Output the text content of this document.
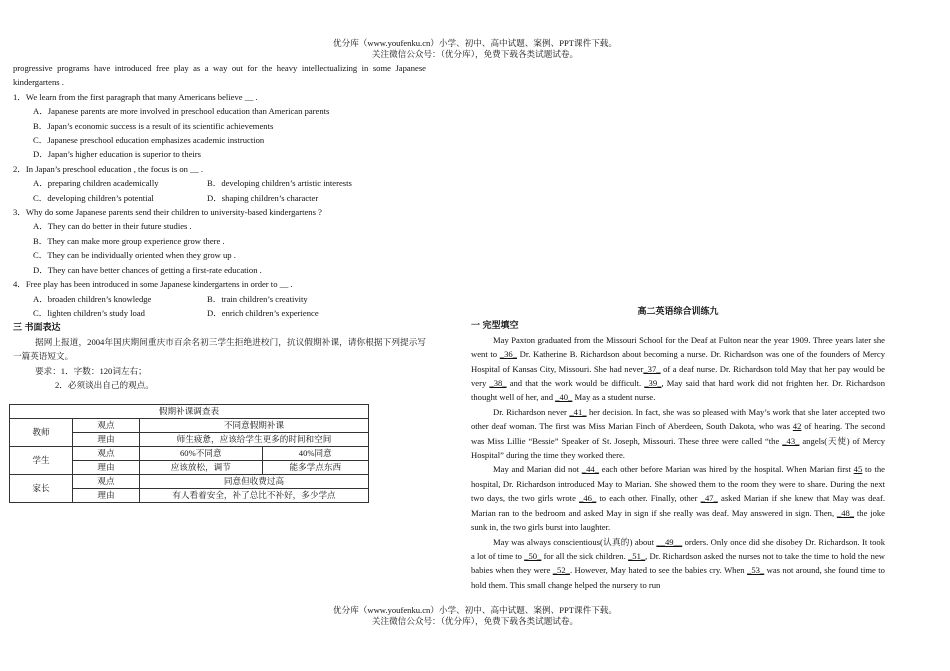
优分库（www.youfenku.cn）小学、初中、高中试题、案例、PPT课件下载。
关注微信公众号：（优分库），免费下载各类试题试卷。

progressive programs have introduced free play as a way out for the heavy intellectualizing in some Japanese kindergartens .

1．We learn from the first paragraph that many Americans believe __ .

A．Japanese parents are more involved in preschool education than American parents
B．Japan’s economic success is a result of its scientific achievements
C．Japanese preschool education emphasizes academic instruction
D．Japan’s higher education is superior to theirs

2．In Japan’s preschool education , the focus is on __ .

A．preparing children academically	B．developing children’s artistic interests
C．developing children’s potential	D．shaping children’s character

3．Why do some Japanese parents send their children to university-based kindergartens ?

A．They can do better in their future studies .
B．They can make more group experience grow there .
C．They can be individually oriented when they grow up .
D．They can have better chances of getting a first-rate education .

4．Free play has been introduced in some Japanese kindergartens in order to __ .

A．broaden children’s knowledge	B．train children’s creativity
C．lighten children’s study load	D．enrich children’s experience
三 书面表达

据网上报道，2004年国庆期间重庆市百余名初三学生拒绝进校门，抗议假期补课，请你根据下列提示写一篇英语短文。

要求：1．字数：120词左右；
2．必须谈出自己的观点。
假期补课调查表			
教师	观点	不同意假期补课	
	理由	师生疲惫，应该给学生更多的时间和空间	
学生	观点	60%不同意	40%同意
	理由	应该放松，调节	能多学点东西
家长	观点	同意但收费过高	
	理由	有人看着安全，补了总比不补好，多少学点	
高二英语综合训练九
一 完型填空

May Paxton graduated from the Missouri School for the Deaf at Fulton near the year 1909. Three years later she went to _36_ Dr. Katherine B. Richardson about becoming a nurse. Dr. Richardson was one of the founders of Mercy Hospital of Kansas City, Missouri. She had never_37_ of a deaf nurse. Dr. Richardson told May that her pay would be very _38_ and that the work would be difficult. _39_, May said that hard work did not frighten her. Dr. Richardson thought well of her, and _40_ May as a student nurse.

Dr. Richardson never _41_ her decision. In fact, she was so pleased with May’s work that she later accepted two other deaf woman. The first was Miss Marian Finch of Aberdeen, South Dakota, who was 42 of hearing. The second was Miss Lillie “Bessie” Speaker of St. Joseph, Missouri. These three were called “the _43_ angels(天使) of Mercy Hospital” during the time they worked there.

May and Marian did not _44_ each other before Marian was hired by the hospital. When Marian first 45 to the hospital, Dr. Richardson introduced May to Marian. She showed them to the room they were to share. During the next two days, the two girls wrote _46_ to each other. Finally, other _47_ asked Marian if she knew that May was deaf. Marian ran to the bedroom and asked May in sign if she really was deaf. May answered in sign. Then, _48_ the joke sunk in, the two girls burst into laughter.

May was always conscientious(认真的) about __49__ orders. Only once did she disobey Dr. Richardson. It took a lot of time to _50_ for all the sick children. _51_, Dr. Richardson asked the nurses not to take the time to hold the new babies when they were _52_. However, May hated to see the babies cry. When _53_ was not around, she found time to hold them. This small change helped the nursery to run

优分库（www.youfenku.cn）小学、初中、高中试题、案例、PPT课件下载。
关注微信公众号：（优分库），免费下载各类试题试卷。
